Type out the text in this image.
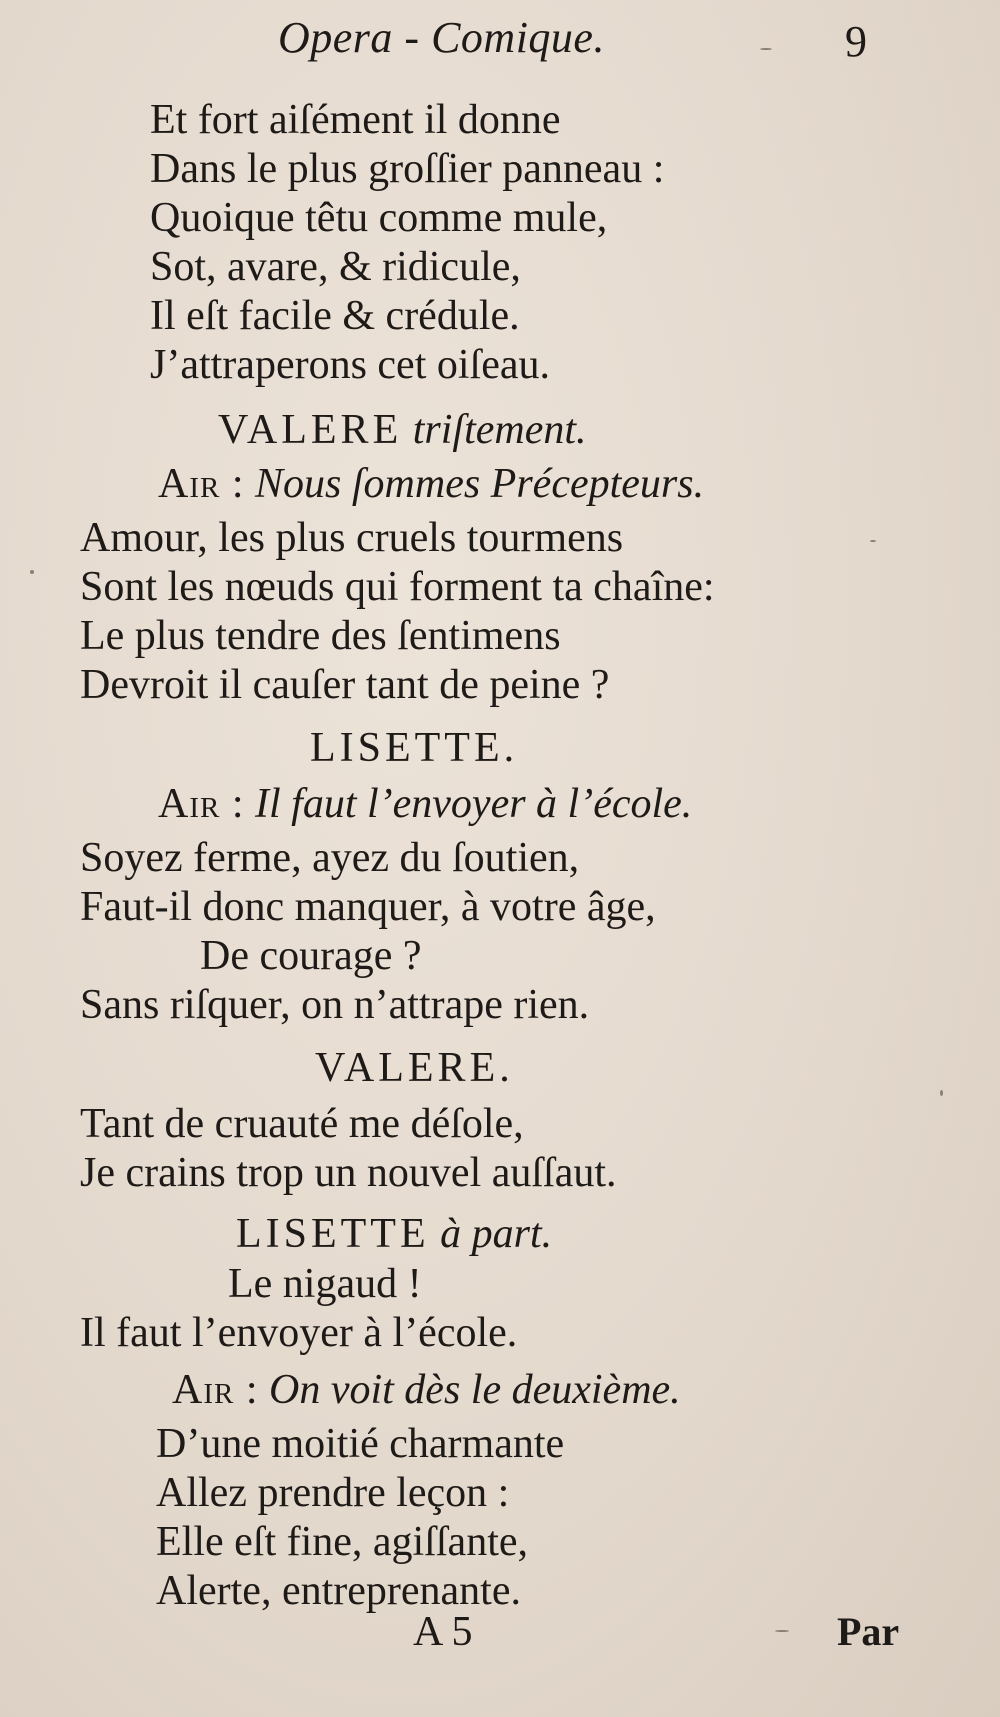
Opera - Comique.	9
Et fort aiſément il donne
Dans le plus groſſier panneau :
Quoique têtu comme mule,
Sot, avare, & ridicule,
Il eſt facile & crédule.
J’attraperons cet oiſeau.
VALERE triſtement.
Air : Nous ſommes Précepteurs.
Amour, les plus cruels tourmens
Sont les nœuds qui forment ta chaîne:
Le plus tendre des ſentimens
Devroit il cauſer tant de peine ?
LISETTE.
Air : Il faut l’envoyer à l’école.
Soyez ferme, ayez du ſoutien,
Faut-il donc manquer, à votre âge,
De courage ?
Sans riſquer, on n’attrape rien.
VALERE.
Tant de cruauté me déſole,
Je crains trop un nouvel auſſaut.
LISETTE à part.
Le nigaud !
Il faut l’envoyer à l’école.
Air : On voit dès le deuxième.
D’une moitié charmante
Allez prendre leçon :
Elle eſt fine, agiſſante,
Alerte, entreprenante.
A 5	Par
